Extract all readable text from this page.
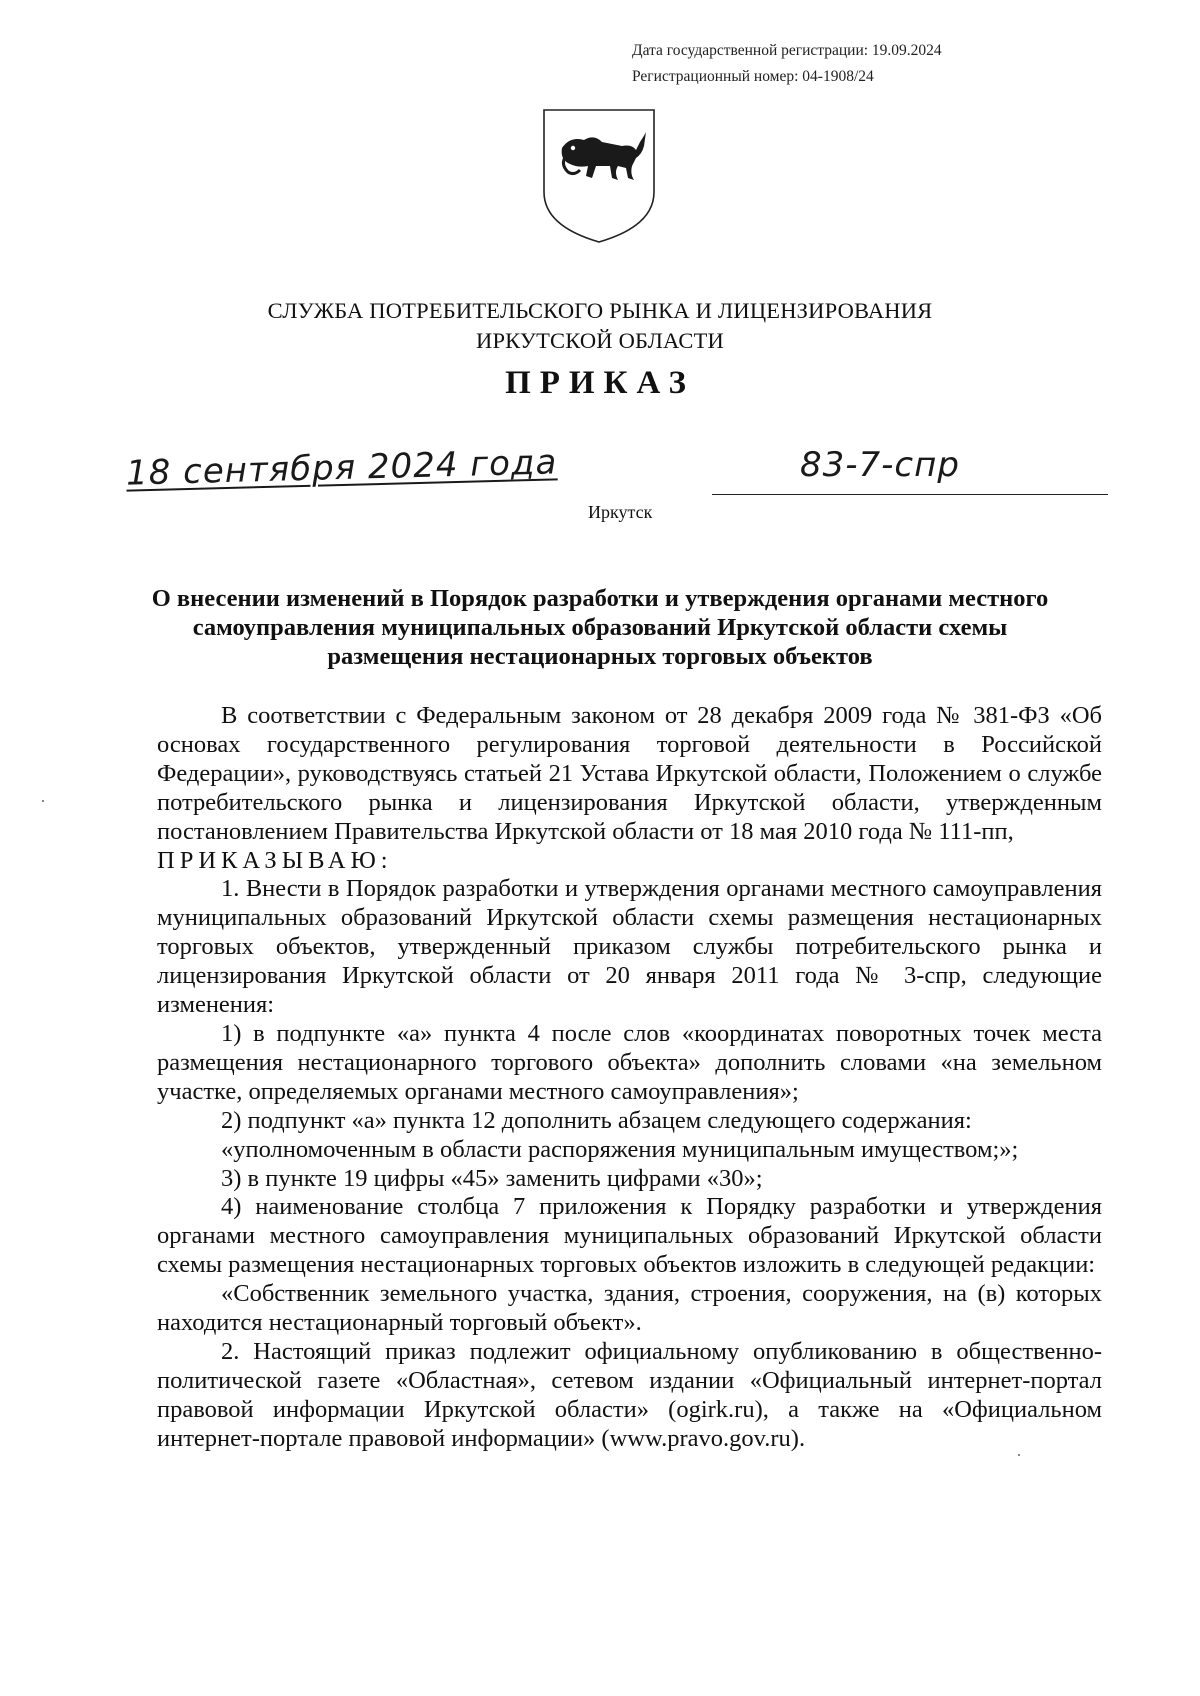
Дата государственной регистрации: 19.09.2024
Регистрационный номер: 04-1908/24
СЛУЖБА ПОТРЕБИТЕЛЬСКОГО РЫНКА И ЛИЦЕНЗИРОВАНИЯ
ИРКУТСКОЙ ОБЛАСТИ
ПРИКАЗ
18 сентября 2024 года	83-7-спр
Иркутск
О внесении изменений в Порядок разработки и утверждения органами местного самоуправления муниципальных образований Иркутской области схемы размещения нестационарных торговых объектов

В соответствии с Федеральным законом от 28 декабря 2009 года № 381-ФЗ «Об основах государственного регулирования торговой деятельности в Российской Федерации», руководствуясь статьей 21 Устава Иркутской области, Положением о службе потребительского рынка и лицензирования Иркутской области, утвержденным постановлением Правительства Иркутской области от 18 мая 2010 года № 111-пп,

ПРИКАЗЫВАЮ:

1. Внести в Порядок разработки и утверждения органами местного самоуправления муниципальных образований Иркутской области схемы размещения нестационарных торговых объектов, утвержденный приказом службы потребительского рынка и лицензирования Иркутской области от 20 января 2011 года № 3-спр, следующие изменения:

1) в подпункте «а» пункта 4 после слов «координатах поворотных точек места размещения нестационарного торгового объекта» дополнить словами «на земельном участке, определяемых органами местного самоуправления»;

2) подпункт «а» пункта 12 дополнить абзацем следующего содержания:

«уполномоченным в области распоряжения муниципальным имуществом;»;

3) в пункте 19 цифры «45» заменить цифрами «30»;

4) наименование столбца 7 приложения к Порядку разработки и утверждения органами местного самоуправления муниципальных образований Иркутской области схемы размещения нестационарных торговых объектов изложить в следующей редакции:

«Собственник земельного участка, здания, строения, сооружения, на (в) которых находится нестационарный торговый объект».

2. Настоящий приказ подлежит официальному опубликованию в общественно-политической газете «Областная», сетевом издании «Официальный интернет-портал правовой информации Иркутской области» (ogirk.ru), а также на «Официальном интернет-портале правовой информации» (www.pravo.gov.ru).
